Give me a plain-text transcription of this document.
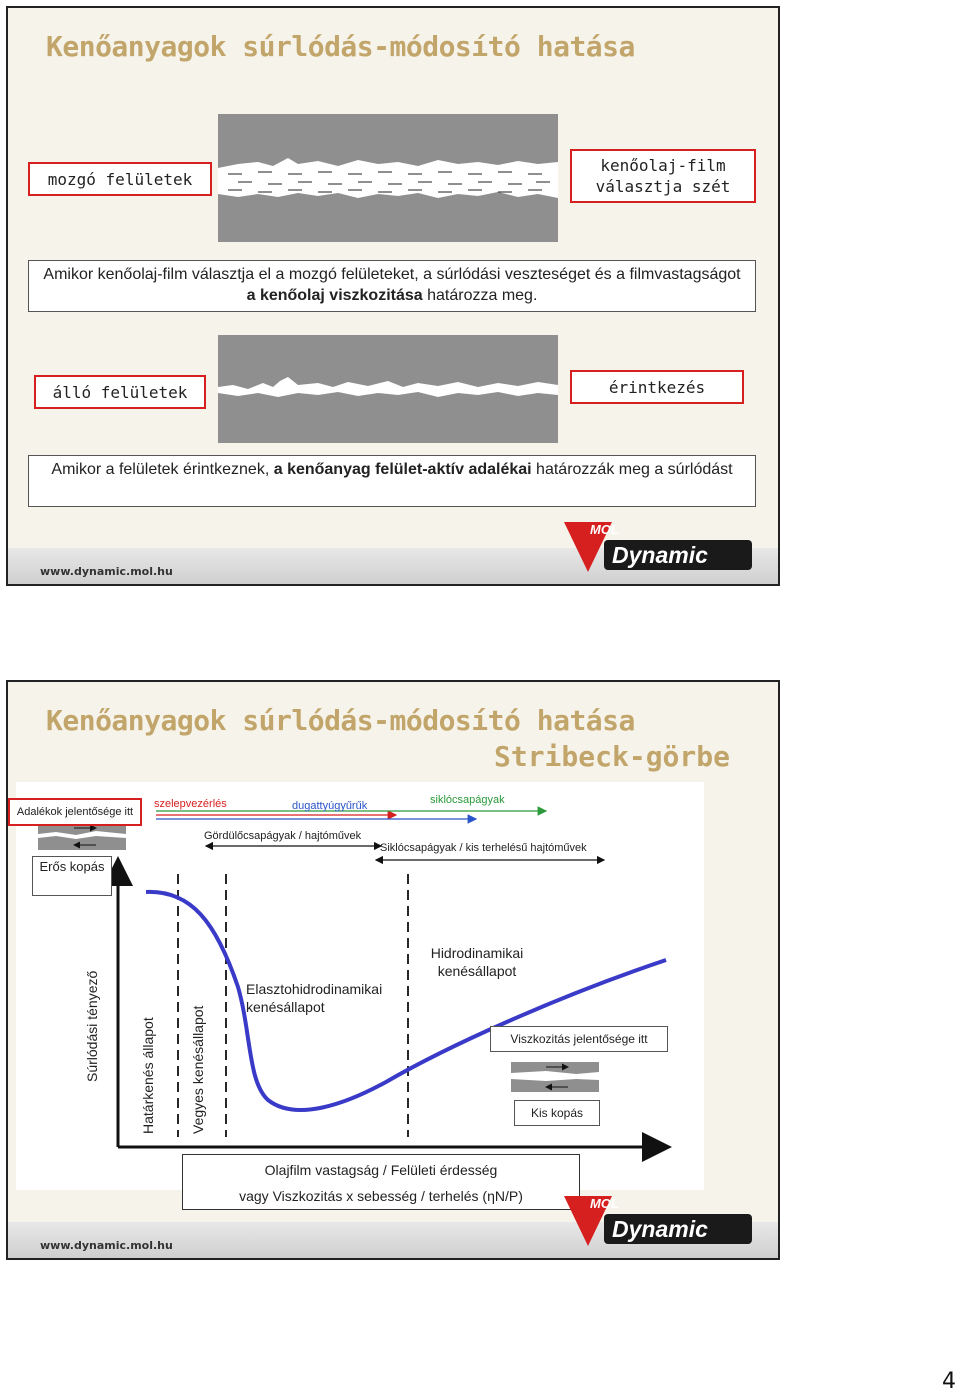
Kenőanyagok súrlódás-módosító hatása
mozgó felületek
kenőolaj-film választja szét
Amikor kenőolaj-film választja el a mozgó felületeket, a súrlódási veszteséget és a filmvastagságot a kenőolaj viszkozitása határozza meg.
álló felületek	érintkezés
Amikor a felületek érintkeznek, a kenőanyag felület-aktív adalékai határozzák meg a súrlódást
www.dynamic.mol.hu
MOL
Dynamic
Kenőanyagok súrlódás-módosító hatása
Stribeck-görbe
szelepvezérlés	dugattyúgyűrűk	siklócsapágyak
Gördülőcsapágyak / hajtóművek
Siklócsapágyak / kis terhelésű hajtóművek
Erős kopás
Súrlódási tényező	Határkenés állapot Vegyes kenésállapot
Elasztohidrodinamikai kenésállapot
Hidrodinamikai kenésállapot
Viszkozitás jelentősége itt
Kis kopás
Adalékok jelentősége itt
Olajfilm vastagság / Felületi érdesség
vagy Viszkozitás x sebesség / terhelés (ηN/P)
www.dynamic.mol.hu
MOL
Dynamic
4
